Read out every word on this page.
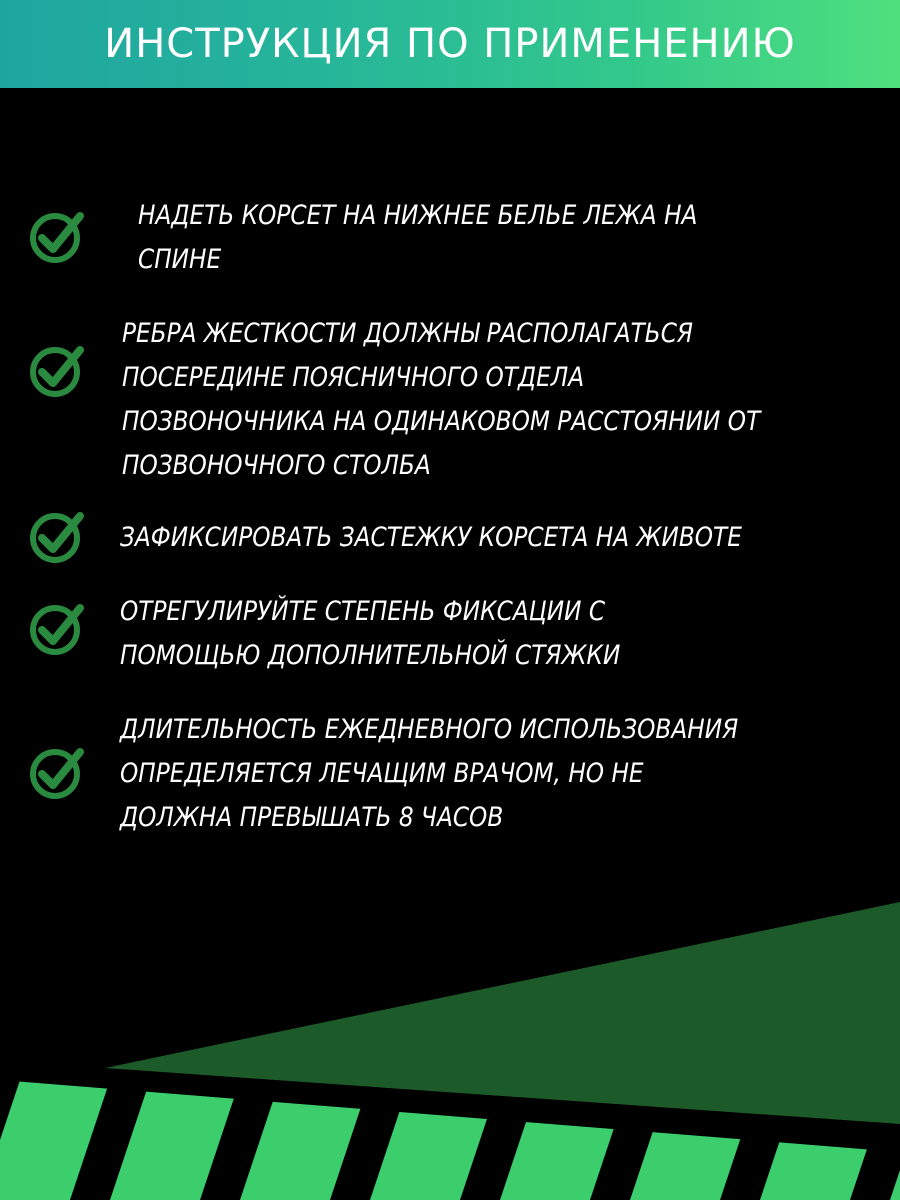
ИНСТРУКЦИЯ ПО ПРИМЕНЕНИЮ
НАДЕТЬ КОРСЕТ НА НИЖНЕЕ БЕЛЬЕ ЛЕЖА НА
СПИНЕ
РЕБРА ЖЕСТКОСТИ ДОЛЖНЫ РАСПОЛАГАТЬСЯ
ПОСЕРЕДИНЕ ПОЯСНИЧНОГО ОТДЕЛА
ПОЗВОНОЧНИКА НА ОДИНАКОВОМ РАССТОЯНИИ ОТ
ПОЗВОНОЧНОГО СТОЛБА
ЗАФИКСИРОВАТЬ ЗАСТЕЖКУ КОРСЕТА НА ЖИВОТЕ
ОТРЕГУЛИРУЙТЕ СТЕПЕНЬ ФИКСАЦИИ С
ПОМОЩЬЮ ДОПОЛНИТЕЛЬНОЙ СТЯЖКИ
ДЛИТЕЛЬНОСТЬ ЕЖЕДНЕВНОГО ИСПОЛЬЗОВАНИЯ
ОПРЕДЕЛЯЕТСЯ ЛЕЧАЩИМ ВРАЧОМ, НО НЕ
ДОЛЖНА ПРЕВЫШАТЬ 8 ЧАСОВ
